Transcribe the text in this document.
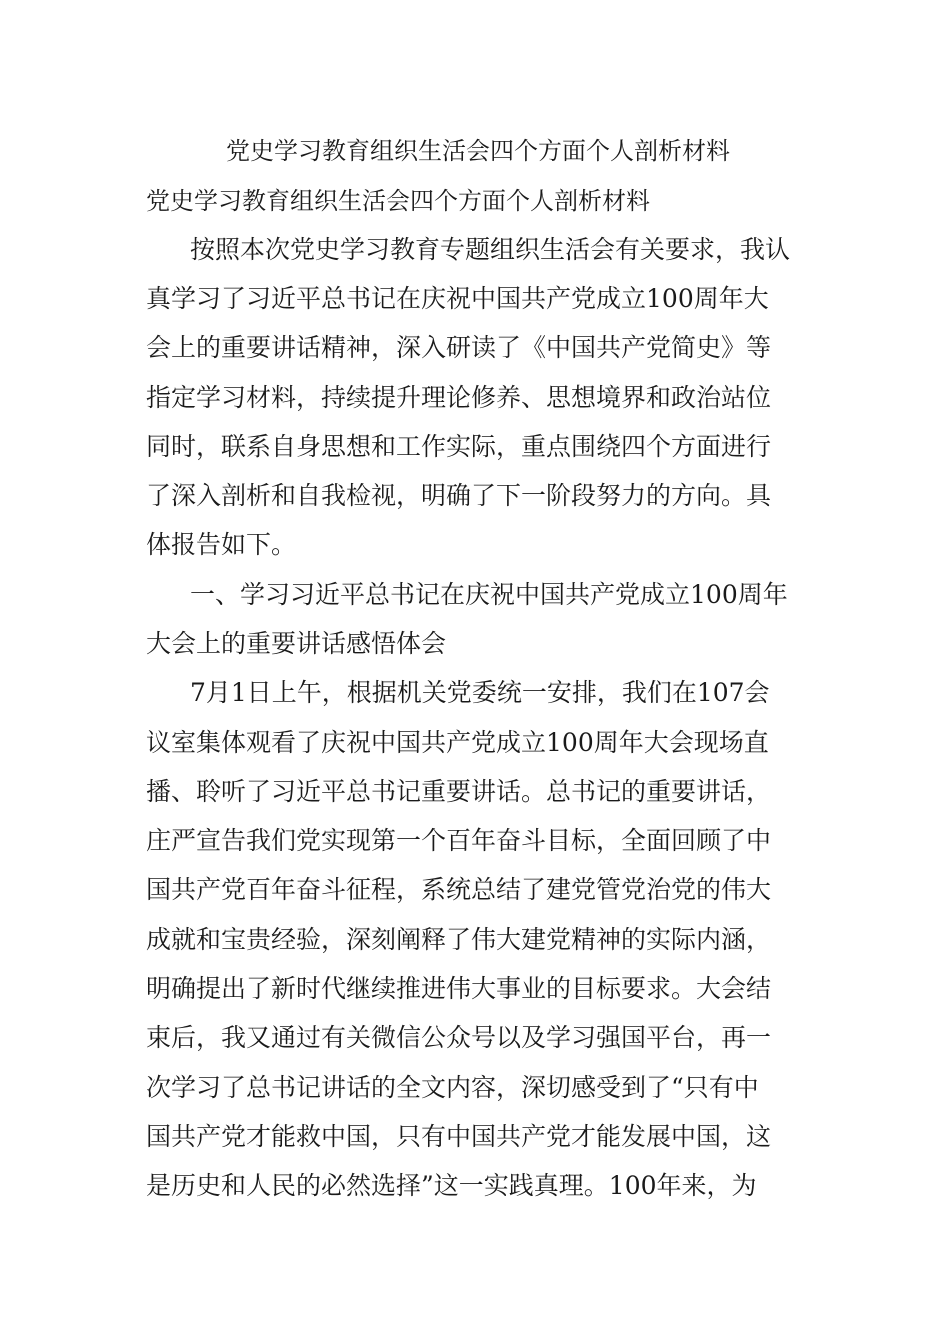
党史学习教育组织生活会四个方面个人剖析材料
党史学习教育组织生活会四个方面个人剖析材料
按照本次党史学习教育专题组织生活会有关要求，我认
真学习了习近平总书记在庆祝中国共产党成立100周年大
会上的重要讲话精神，深入研读了《中国共产党简史》等
指定学习材料，持续提升理论修养、思想境界和政治站位
同时，联系自身思想和工作实际，重点围绕四个方面进行
了深入剖析和自我检视，明确了下一阶段努力的方向。具
体报告如下。
一、学习习近平总书记在庆祝中国共产党成立100周年
大会上的重要讲话感悟体会
7月1日上午，根据机关党委统一安排，我们在107会
议室集体观看了庆祝中国共产党成立100周年大会现场直
播、聆听了习近平总书记重要讲话。总书记的重要讲话，
庄严宣告我们党实现第一个百年奋斗目标，全面回顾了中
国共产党百年奋斗征程，系统总结了建党管党治党的伟大
成就和宝贵经验，深刻阐释了伟大建党精神的实际内涵，
明确提出了新时代继续推进伟大事业的目标要求。大会结
束后，我又通过有关微信公众号以及学习强国平台，再一
次学习了总书记讲话的全文内容，深切感受到了“只有中
国共产党才能救中国，只有中国共产党才能发展中国，这
是历史和人民的必然选择”这一实践真理。100年来，为
